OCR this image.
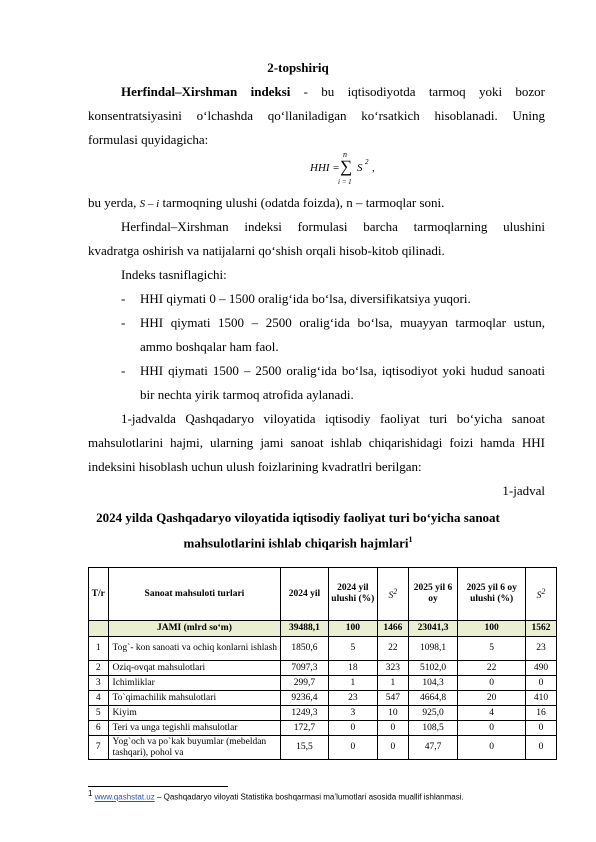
2-topshiriq
Herfindal–Xirshman indeksi - bu iqtisodiyotda tarmoq yoki bozor
konsentratsiyasini o‘lchashda qo‘llaniladigan ko‘rsatkich hisoblanadi. Uning
formulasi quyidagicha:
HHI =
n
∑
i = 1
S 2 ,
bu yerda, S – i tarmoqning ulushi (odatda foizda), n – tarmoqlar soni.
Herfindal–Xirshman indeksi formulasi barcha tarmoqlarning ulushini
kvadratga oshirish va natijalarni qo‘shish orqali hisob-kitob qilinadi.
Indeks tasniflagichi:
- HHI qiymati 0 – 1500 oralig‘ida bo‘lsa, diversifikatsiya yuqori.
- HHI qiymati 1500 – 2500 oralig‘ida bo‘lsa, muayyan tarmoqlar ustun,
ammo boshqalar ham faol.
- HHI qiymati 1500 – 2500 oralig‘ida bo‘lsa, iqtisodiyot yoki hudud sanoati
bir nechta yirik tarmoq atrofida aylanadi.
1-jadvalda Qashqadaryo viloyatida iqtisodiy faoliyat turi bo‘yicha sanoat
mahsulotlarini hajmi, ularning jami sanoat ishlab chiqarishidagi foizi hamda HHI
indeksini hisoblash uchun ulush foizlarining kvadratlri berilgan:
1-jadval
2024 yilda Qashqadaryo viloyatida iqtisodiy faoliyat turi bo‘yicha sanoat
mahsulotlarini ishlab chiqarish hajmlari$^1$
T/r	Sanoat mahsuloti turlari	2024 yil	2024 yil ulushi (%)	$S^2$	2025 yil 6 oy	2025 yil 6 oy ulushi (%)	$S^2$
	JAMI (mlrd so‘m)	39488,1	100	1466	23041,3	100	1562
1	Tog`- kon sanoati va ochiq konlarni ishlash	1850,6	5	22	1098,1	5	23
2	Oziq-ovqat mahsulotlari	7097,3	18	323	5102,0	22	490
3	Ichimliklar	299,7	1	1	104,3	0	0
4	To`qimachilik mahsulotlari	9236,4	23	547	4664,8	20	410
5	Kiyim	1249,3	3	10	925,0	4	16
6	Teri va unga tegishli mahsulotlar	172,7	0	0	108,5	0	0
7	Yog`och va po`kak buyumlar (mebeldan tashqari), pohol va	15,5	0	0	47,7	0	0
$^1$ www.qashstat.uz – Qashqadaryo viloyati Statistika boshqarmasi ma’lumotlari asosida muallif ishlanmasi.
